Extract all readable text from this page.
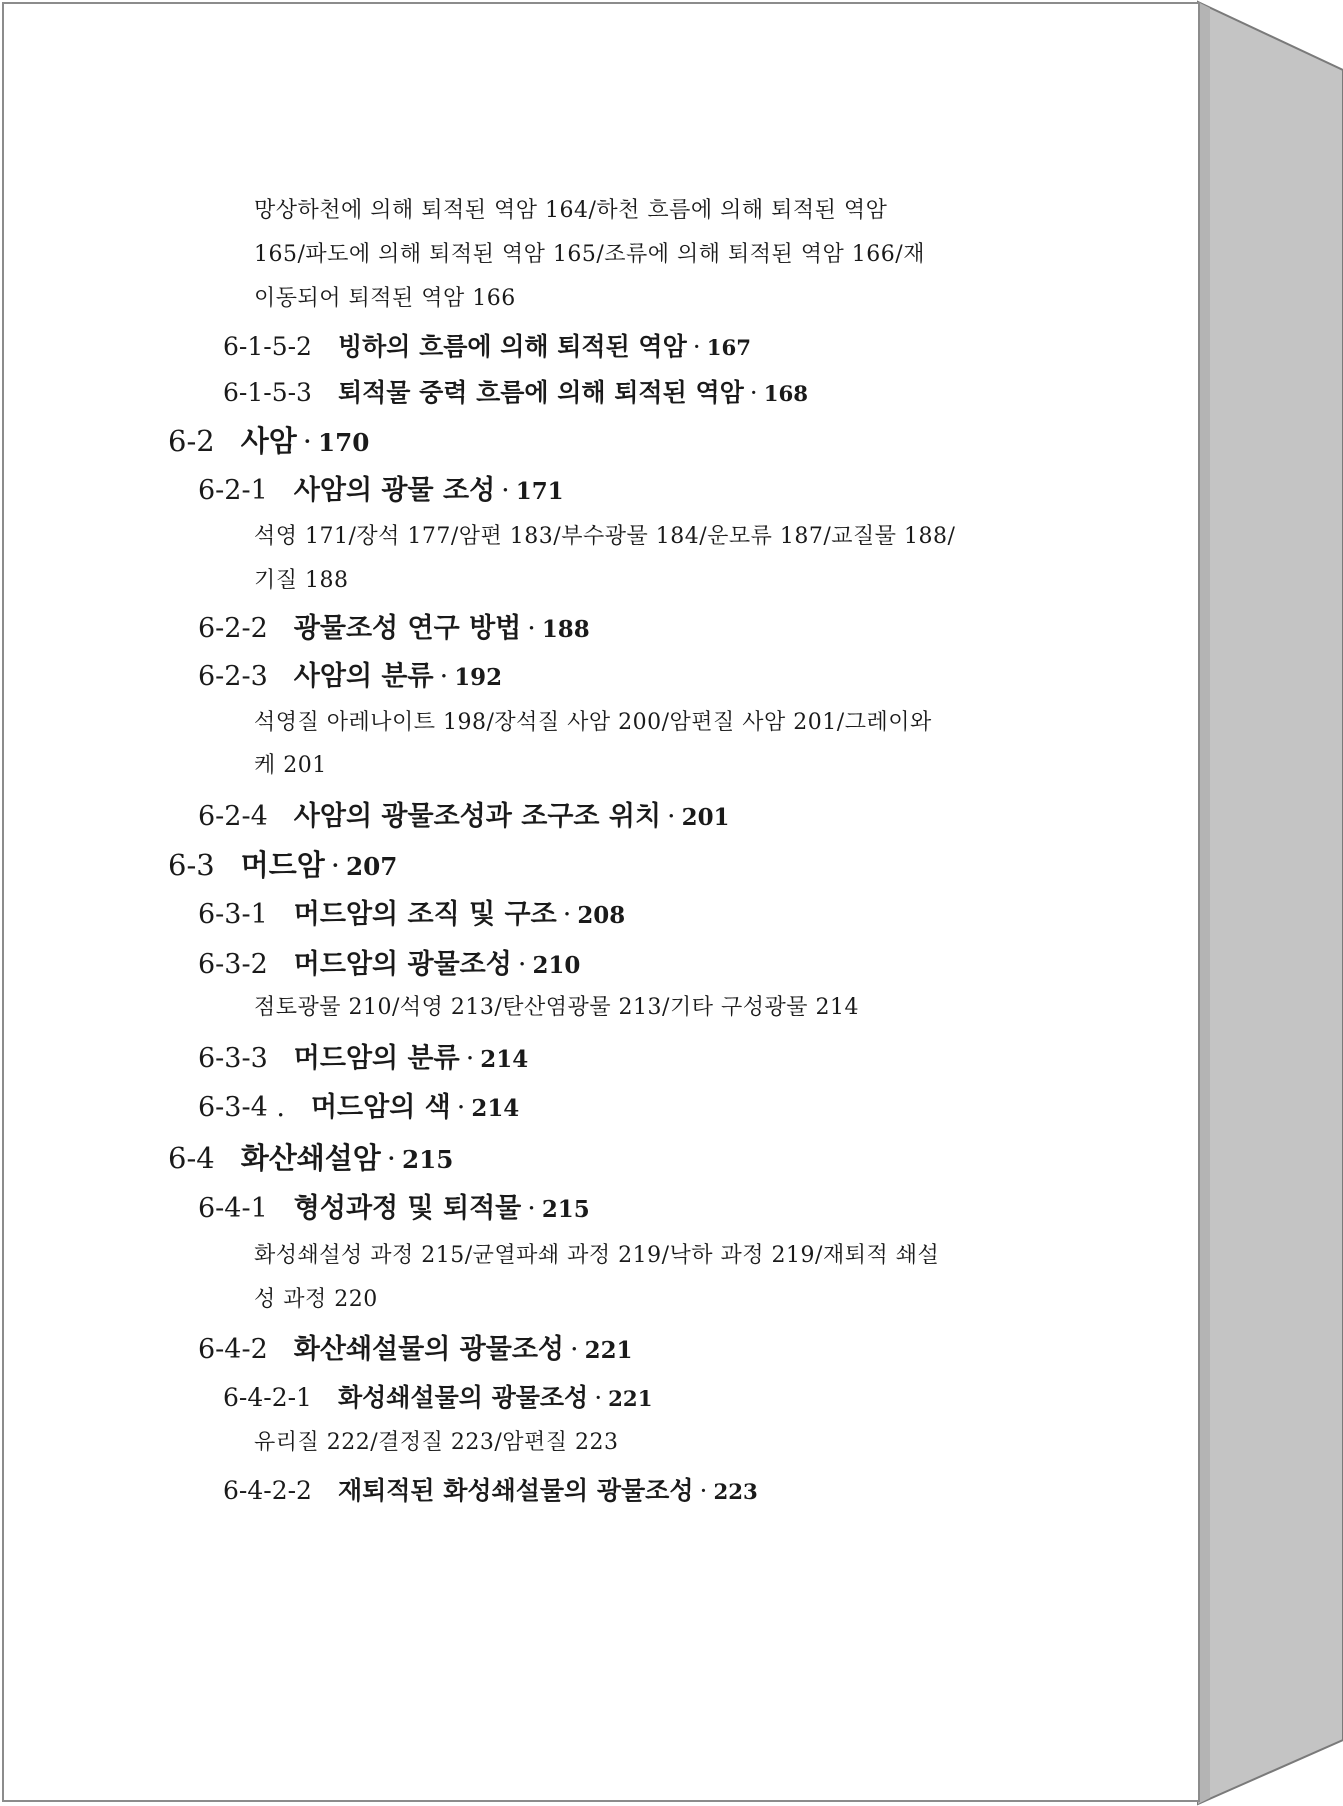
망상하천에 의해 퇴적된 역암 164/하천 흐름에 의해 퇴적된 역암
165/파도에 의해 퇴적된 역암 165/조류에 의해 퇴적된 역암 166/재
이동되어 퇴적된 역암 166
6-1-5-2 빙하의 흐름에 의해 퇴적된 역암 · 167
6-1-5-3 퇴적물 중력 흐름에 의해 퇴적된 역암 · 168
6-2 사암 · 170
6-2-1 사암의 광물 조성 · 171
석영 171/장석 177/암편 183/부수광물 184/운모류 187/교질물 188/
기질 188
6-2-2 광물조성 연구 방법 · 188
6-2-3 사암의 분류 · 192
석영질 아레나이트 198/장석질 사암 200/암편질 사암 201/그레이와
케 201
6-2-4 사암의 광물조성과 조구조 위치 · 201
6-3 머드암 · 207
6-3-1 머드암의 조직 및 구조 · 208
6-3-2 머드암의 광물조성 · 210
점토광물 210/석영 213/탄산염광물 213/기타 구성광물 214
6-3-3 머드암의 분류 · 214
6-3-4 . 머드암의 색 · 214
6-4 화산쇄설암 · 215
6-4-1 형성과정 및 퇴적물 · 215
화성쇄설성 과정 215/균열파쇄 과정 219/낙하 과정 219/재퇴적 쇄설
성 과정 220
6-4-2 화산쇄설물의 광물조성 · 221
6-4-2-1 화성쇄설물의 광물조성 · 221
유리질 222/결정질 223/암편질 223
6-4-2-2 재퇴적된 화성쇄설물의 광물조성 · 223
